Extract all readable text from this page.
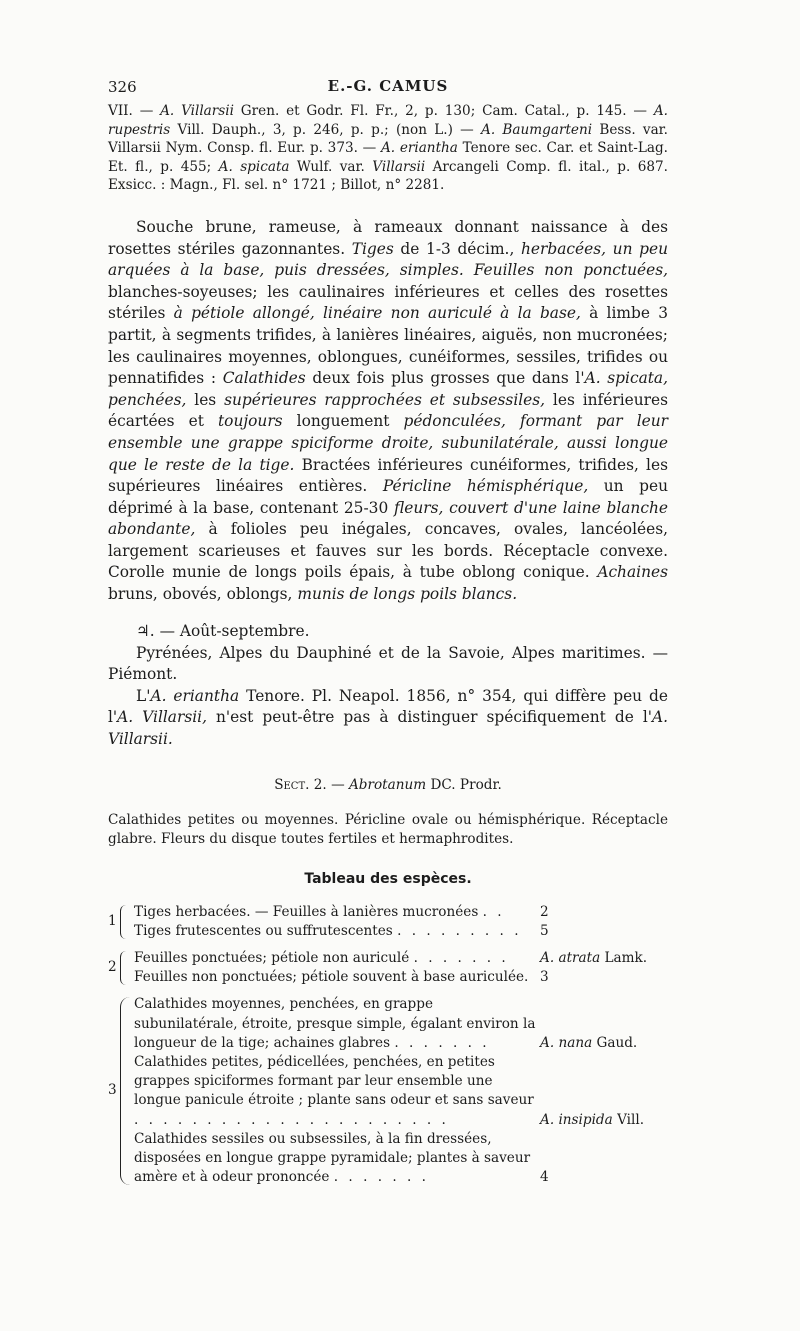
326	E.-G. CAMUS

VII. — A. Villarsii Gren. et Godr. Fl. Fr., 2, p. 130; Cam. Catal., p. 145. — A. rupestris Vill. Dauph., 3, p. 246, p. p.; (non L.) — A. Baumgarteni Bess. var. Villarsii Nym. Consp. fl. Eur. p. 373. — A. eriantha Tenore sec. Car. et Saint-Lag. Et. fl., p. 455; A. spicata Wulf. var. Villarsii Arcangeli Comp. fl. ital., p. 687. Exsicc. : Magn., Fl. sel. n° 1721 ; Billot, n° 2281.

Souche brune, rameuse, à rameaux donnant naissance à des rosettes stériles gazonnantes. Tiges de 1-3 décim., herbacées, un peu arquées à la base, puis dressées, simples. Feuilles non ponctuées, blanches-soyeuses; les caulinaires inférieures et celles des rosettes stériles à pétiole allongé, linéaire non auriculé à la base, à limbe 3 partit, à segments trifides, à lanières linéaires, aiguës, non mucronées; les caulinaires moyennes, oblongues, cunéiformes, sessiles, trifides ou pennatifides : Calathides deux fois plus grosses que dans l'A. spicata, penchées, les supérieures rapprochées et subsessiles, les inférieures écartées et toujours longuement pédonculées, formant par leur ensemble une grappe spiciforme droite, subunilatérale, aussi longue que le reste de la tige. Bractées inférieures cunéiformes, trifides, les supérieures linéaires entières. Péricline hémisphérique, un peu déprimé à la base, contenant 25-30 fleurs, couvert d'une laine blanche abondante, à folioles peu inégales, concaves, ovales, lancéolées, largement scarieuses et fauves sur les bords. Réceptacle convexe. Corolle munie de longs poils épais, à tube oblong conique. Achaines bruns, obovés, oblongs, munis de longs poils blancs.

♃. — Août-septembre.

Pyrénées, Alpes du Dauphiné et de la Savoie, Alpes maritimes. — Piémont.

L'A. eriantha Tenore. Pl. Neapol. 1856, n° 354, qui diffère peu de l'A. Villarsii, n'est peut-être pas à distinguer spécifiquement de l'A. Villarsii.

Sect. 2. — Abrotanum DC. Prodr.

Calathides petites ou moyennes. Péricline ovale ou hémisphérique. Réceptacle glabre. Fleurs du disque toutes fertiles et hermaphrodites.

Tableau des espèces.
1
Tiges herbacées. — Feuilles à lanières mucronées . .	2
Tiges frutescentes ou suffrutescentes . . . . . . . . .	5
2
Feuilles ponctuées; pétiole non auriculé . . . . . . .	A. atrata Lamk.
Feuilles non ponctuées; pétiole souvent à base auriculée. 3
3
Calathides moyennes, penchées, en grappe subunilatérale, étroite, presque simple, égalant environ la longueur de la tige; achaines glabres . . . . . . .	A. nana Gaud.
Calathides petites, pédicellées, penchées, en petites grappes spiciformes formant par leur ensemble une longue panicule étroite ; plante sans odeur et sans saveur . . . . . . . . . . . . . . . . . . . . . .	A. insipida Vill.
Calathides sessiles ou subsessiles, à la fin dressées, disposées en longue grappe pyramidale; plantes à saveur amère et à odeur prononcée . . . . . . .	4
